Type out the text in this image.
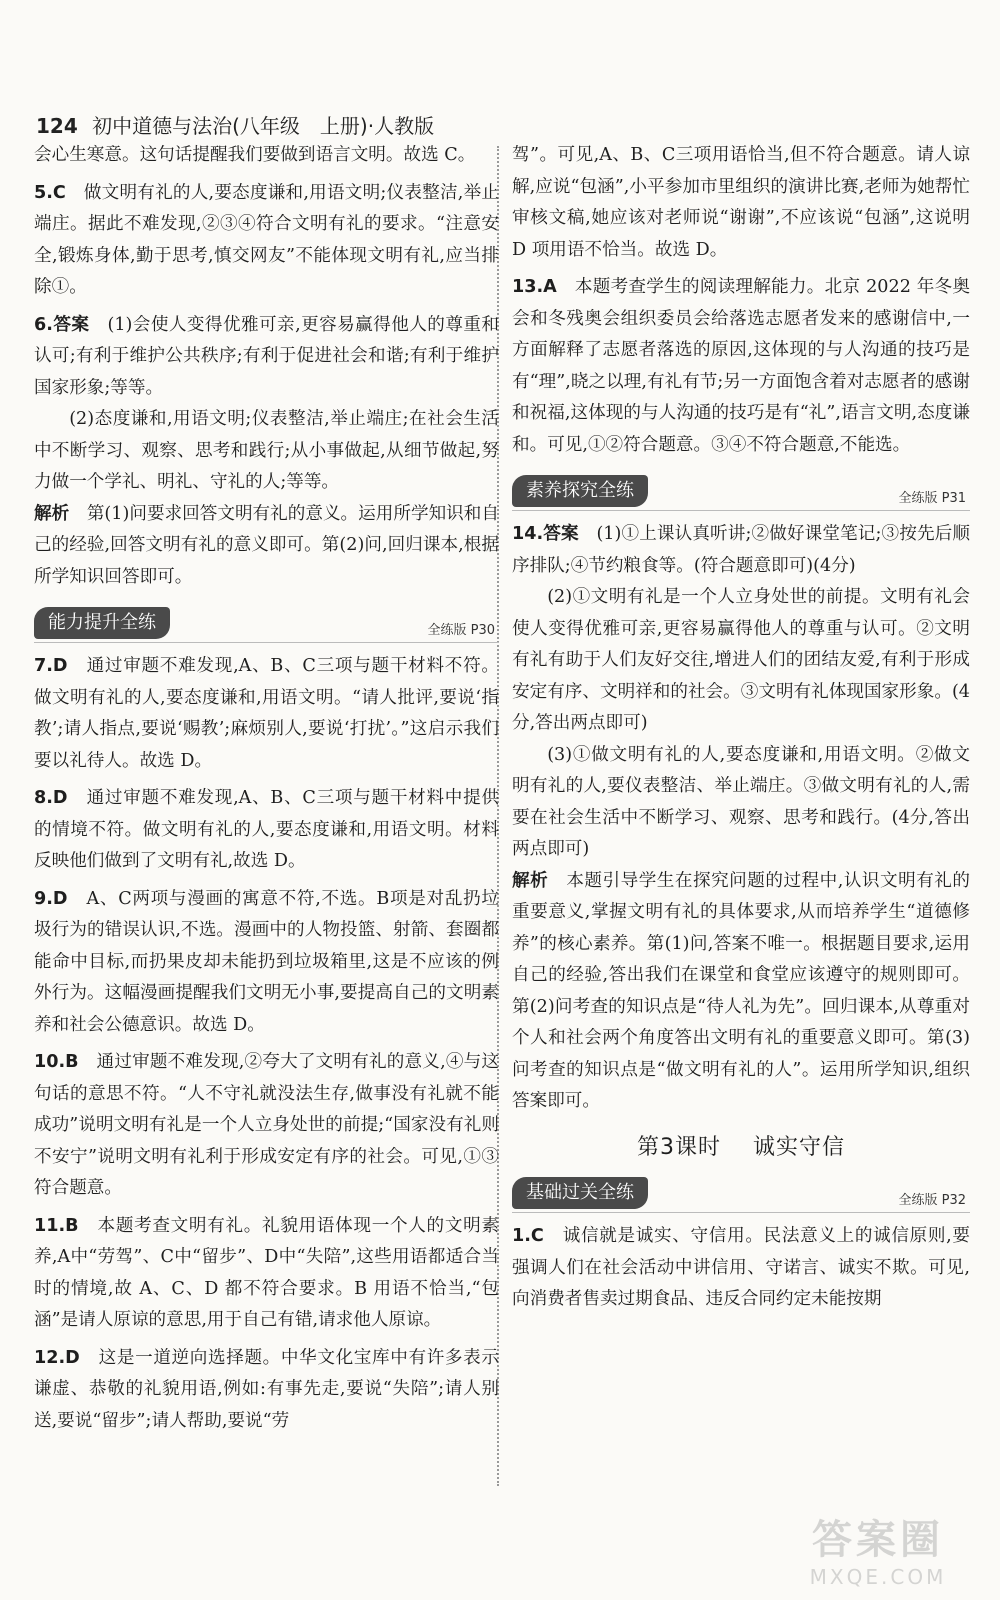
124 初中道德与法治(八年级　上册)·人教版

会心生寒意。这句话提醒我们要做到语言文明。故选 C。

5.C　 做文明有礼的人,要态度谦和,用语文明;仪表整洁,举止端庄。据此不难发现,②③④符合文明有礼的要求。“注意安全,锻炼身体,勤于思考,慎交网友”不能体现文明有礼,应当排除①。

6.答案　 (1)会使人变得优雅可亲,更容易赢得他人的尊重和认可;有利于维护公共秩序;有利于促进社会和谐;有利于维护国家形象;等等。

(2)态度谦和,用语文明;仪表整洁,举止端庄;在社会生活中不断学习、观察、思考和践行;从小事做起,从细节做起,努力做一个学礼、明礼、守礼的人;等等。

解析　 第(1)问要求回答文明有礼的意义。运用所学知识和自己的经验,回答文明有礼的意义即可。第(2)问,回归课本,根据所学知识回答即可。

能力提升全练	全练版 P30

7.D　 通过审题不难发现,A、B、C三项与题干材料不符。做文明有礼的人,要态度谦和,用语文明。“请人批评,要说‘指教’;请人指点,要说‘赐教’;麻烦别人,要说‘打扰’。”这启示我们要以礼待人。故选 D。

8.D　 通过审题不难发现,A、B、C三项与题干材料中提供的情境不符。做文明有礼的人,要态度谦和,用语文明。材料反映他们做到了文明有礼,故选 D。

9.D　 A、C两项与漫画的寓意不符,不选。B项是对乱扔垃圾行为的错误认识,不选。漫画中的人物投篮、射箭、套圈都能命中目标,而扔果皮却未能扔到垃圾箱里,这是不应该的例外行为。这幅漫画提醒我们文明无小事,要提高自己的文明素养和社会公德意识。故选 D。

10.B　 通过审题不难发现,②夸大了文明有礼的意义,④与这句话的意思不符。“人不守礼就没法生存,做事没有礼就不能成功”说明文明有礼是一个人立身处世的前提;“国家没有礼则不安宁”说明文明有礼利于形成安定有序的社会。可见,①③符合题意。

11.B　 本题考查文明有礼。礼貌用语体现一个人的文明素养,A中“劳驾”、C中“留步”、D中“失陪”,这些用语都适合当时的情境,故 A、C、D 都不符合要求。B 用语不恰当,“包涵”是请人原谅的意思,用于自己有错,请求他人原谅。

12.D　 这是一道逆向选择题。中华文化宝库中有许多表示谦虚、恭敬的礼貌用语,例如:有事先走,要说“失陪”;请人别送,要说“留步”;请人帮助,要说“劳

驾”。可见,A、B、C三项用语恰当,但不符合题意。请人谅解,应说“包涵”,小平参加市里组织的演讲比赛,老师为她帮忙审核文稿,她应该对老师说“谢谢”,不应该说“包涵”,这说明 D 项用语不恰当。故选 D。

13.A　 本题考查学生的阅读理解能力。北京 2022 年冬奥会和冬残奥会组织委员会给落选志愿者发来的感谢信中,一方面解释了志愿者落选的原因,这体现的与人沟通的技巧是有“理”,晓之以理,有礼有节;另一方面饱含着对志愿者的感谢和祝福,这体现的与人沟通的技巧是有“礼”,语言文明,态度谦和。可见,①②符合题意。③④不符合题意,不能选。

素养探究全练	全练版 P31

14.答案　 (1)①上课认真听讲;②做好课堂笔记;③按先后顺序排队;④节约粮食等。(符合题意即可)(4分)

(2)①文明有礼是一个人立身处世的前提。文明有礼会使人变得优雅可亲,更容易赢得他人的尊重与认可。②文明有礼有助于人们友好交往,增进人们的团结友爱,有利于形成安定有序、文明祥和的社会。③文明有礼体现国家形象。(4分,答出两点即可)

(3)①做文明有礼的人,要态度谦和,用语文明。②做文明有礼的人,要仪表整洁、举止端庄。③做文明有礼的人,需要在社会生活中不断学习、观察、思考和践行。(4分,答出两点即可)

解析　 本题引导学生在探究问题的过程中,认识文明有礼的重要意义,掌握文明有礼的具体要求,从而培养学生“道德修养”的核心素养。第(1)问,答案不唯一。根据题目要求,运用自己的经验,答出我们在课堂和食堂应该遵守的规则即可。第(2)问考查的知识点是“待人礼为先”。回归课本,从尊重对个人和社会两个角度答出文明有礼的重要意义即可。第(3)问考查的知识点是“做文明有礼的人”。运用所学知识,组织答案即可。

第3课时 诚实守信
基础过关全练	全练版 P32

1.C　 诚信就是诚实、守信用。民法意义上的诚信原则,要强调人们在社会活动中讲信用、守诺言、诚实不欺。可见,向消费者售卖过期食品、违反合同约定未能按期

答案圈
MXQE.COM
